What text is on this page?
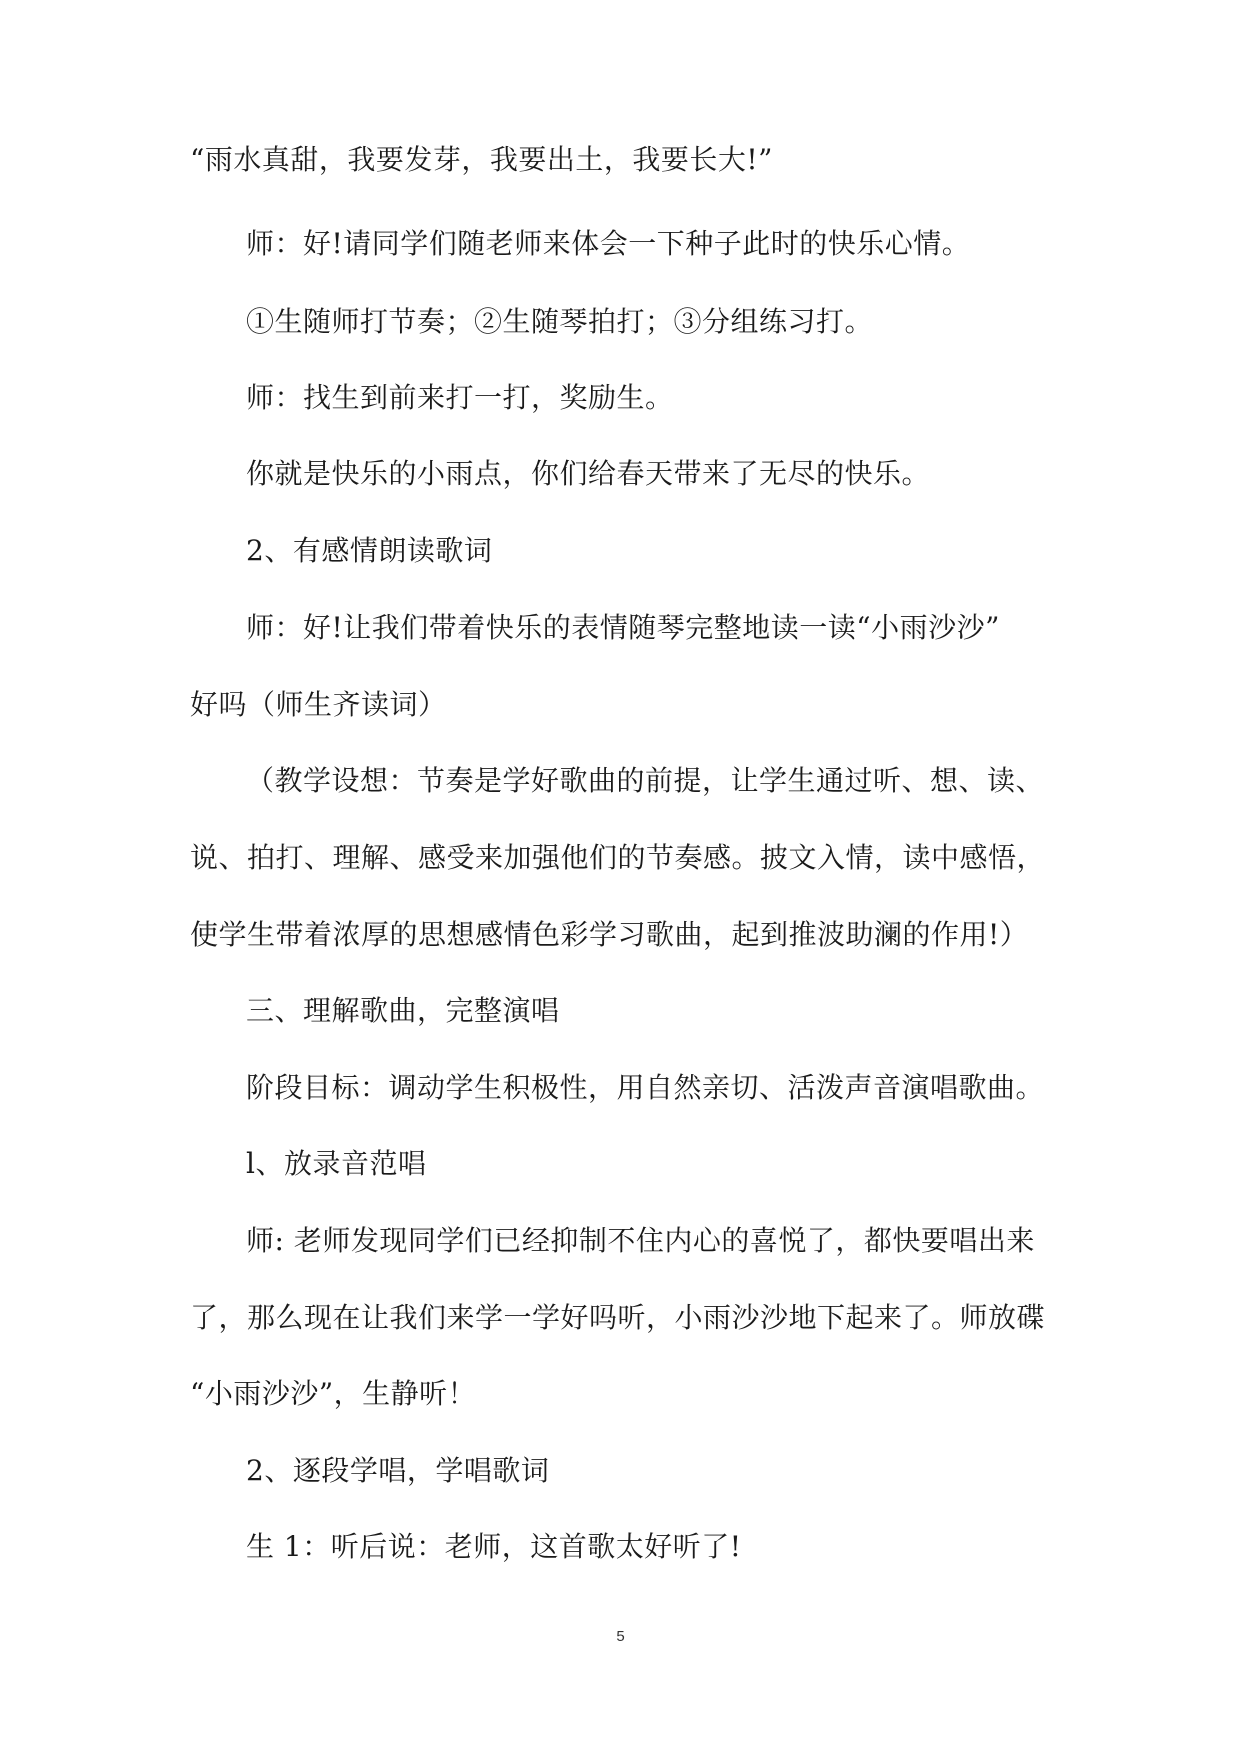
“雨水真甜，我要发芽，我要出土，我要长大!”
师：好!请同学们随老师来体会一下种子此时的快乐心情。
①生随师打节奏；②生随琴拍打；③分组练习打。
师：找生到前来打一打，奖励生。
你就是快乐的小雨点，你们给春天带来了无尽的快乐。
2、有感情朗读歌词
师：好!让我们带着快乐的表情随琴完整地读一读“小雨沙沙”
好吗（师生齐读词）
（教学设想：节奏是学好歌曲的前提，让学生通过听、想、读、
说、拍打、理解、感受来加强他们的节奏感。披文入情，读中感悟，
使学生带着浓厚的思想感情色彩学习歌曲，起到推波助澜的作用!）
三、理解歌曲，完整演唱
阶段目标：调动学生积极性，用自然亲切、活泼声音演唱歌曲。
l、放录音范唱
师: 老师发现同学们已经抑制不住内心的喜悦了，都快要唱出来
了，那么现在让我们来学一学好吗听，小雨沙沙地下起来了。师放碟
“小雨沙沙”，生静听！
2、逐段学唱，学唱歌词
生 1：听后说：老师，这首歌太好听了!
5
